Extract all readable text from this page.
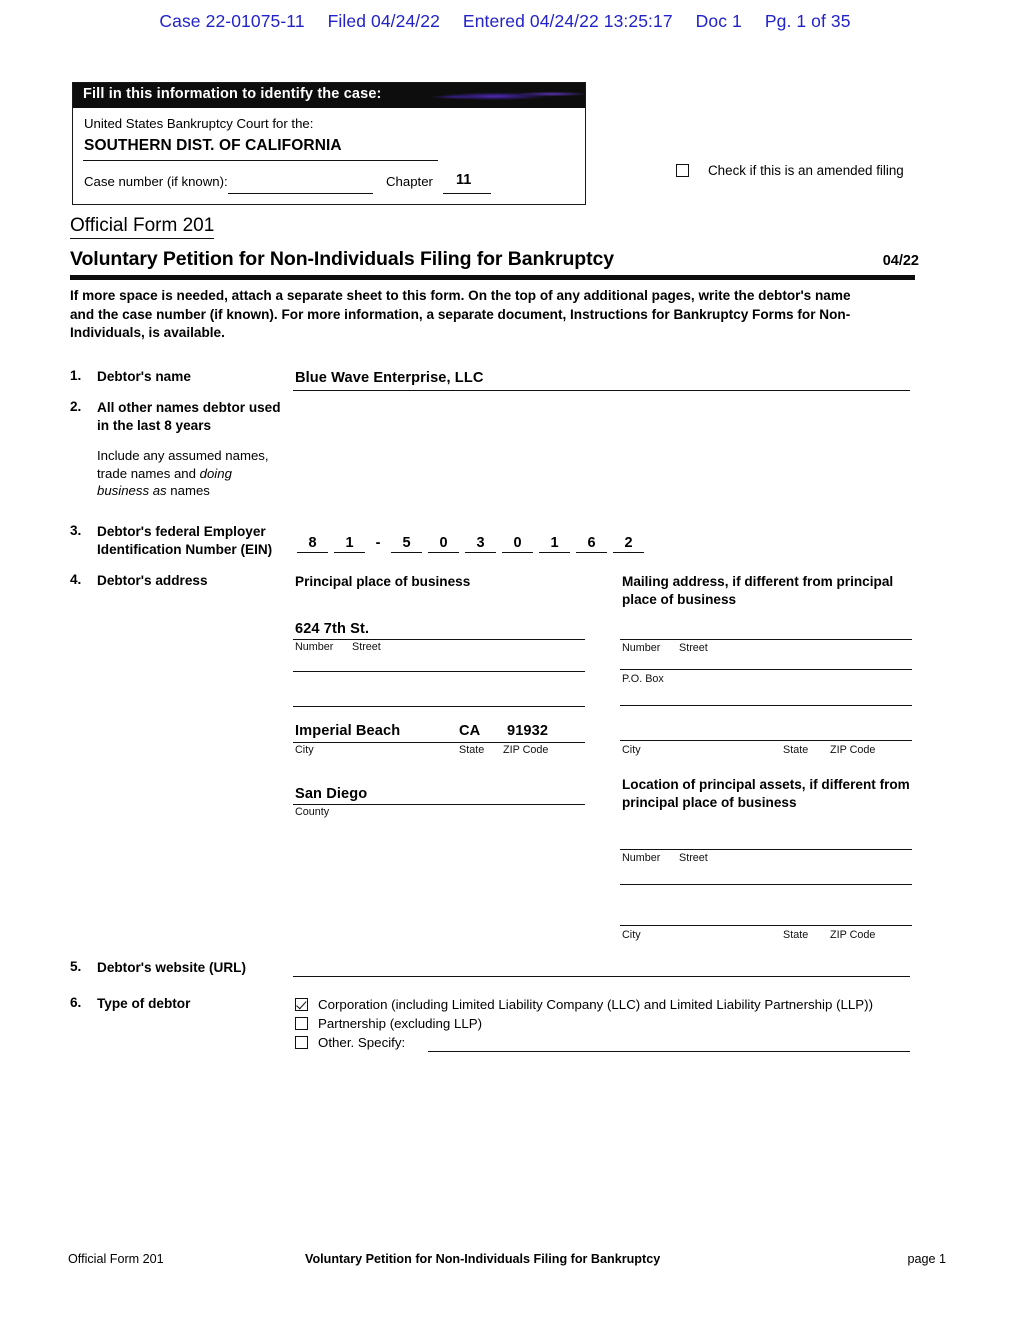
Case 22-01075-11 Filed 04/24/22 Entered 04/24/22 13:25:17 Doc 1 Pg. 1 of 35
Fill in this information to identify the case:
United States Bankruptcy Court for the:
SOUTHERN DIST. OF CALIFORNIA
Case number (if known):	Chapter 11
Check if this is an amended filing
Official Form 201
Voluntary Petition for Non-Individuals Filing for Bankruptcy	04/22
If more space is needed, attach a separate sheet to this form. On the top of any additional pages, write the debtor's name and the case number (if known). For more information, a separate document, Instructions for Bankruptcy Forms for Non-Individuals, is available.
1. Debtor's name	Blue Wave Enterprise, LLC
2. All other names debtor used in the last 8 years
Include any assumed names,
trade names and doing
business as names
3. Debtor's federal Employer Identification Number (EIN)	8 1 - 5 0 3 0 1 6 2
4. Debtor's address	Principal place of business
624 7th St.
Number Street
Imperial Beach	CA 91932
City	State ZIP Code
San Diego
County
Mailing address, if different from principal place of business
Number Street
P.O. Box
City	State ZIP Code
Location of principal assets, if different from principal place of business
Number Street
City	State ZIP Code
5. Debtor's website (URL)
6. Type of debtor	Corporation (including Limited Liability Company (LLC) and Limited Liability Partnership (LLP))
Partnership (excluding LLP)
Other. Specify:
Official Form 201	Voluntary Petition for Non-Individuals Filing for Bankruptcy	page 1
